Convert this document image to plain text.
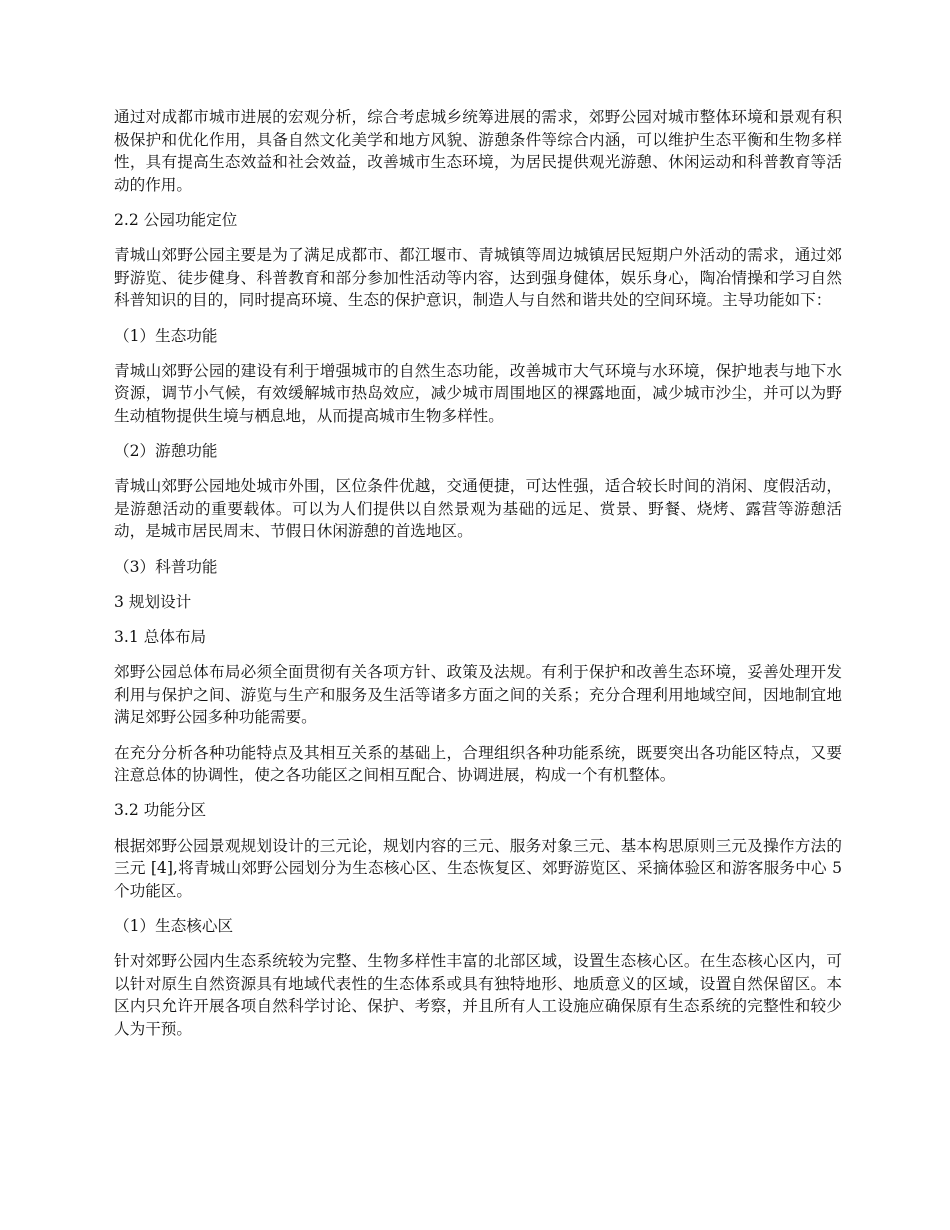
通过对成都市城市进展的宏观分析，综合考虑城乡统筹进展的需求，郊野公园对城市整体环境和景观有积极保护和优化作用，具备自然文化美学和地方风貌、游憩条件等综合内涵，可以维护生态平衡和生物多样性，具有提高生态效益和社会效益，改善城市生态环境，为居民提供观光游憩、休闲运动和科普教育等活动的作用。

2.2 公园功能定位

青城山郊野公园主要是为了满足成都市、都江堰市、青城镇等周边城镇居民短期户外活动的需求，通过郊野游览、徒步健身、科普教育和部分参加性活动等内容，达到强身健体，娱乐身心，陶冶情操和学习自然科普知识的目的，同时提高环境、生态的保护意识，制造人与自然和谐共处的空间环境。主导功能如下：

（1）生态功能

青城山郊野公园的建设有利于增强城市的自然生态功能，改善城市大气环境与水环境，保护地表与地下水资源，调节小气候，有效缓解城市热岛效应，减少城市周围地区的裸露地面，减少城市沙尘，并可以为野生动植物提供生境与栖息地，从而提高城市生物多样性。

（2）游憩功能

青城山郊野公园地处城市外围，区位条件优越，交通便捷，可达性强，适合较长时间的消闲、度假活动，是游憩活动的重要载体。可以为人们提供以自然景观为基础的远足、赏景、野餐、烧烤、露营等游憩活动，是城市居民周末、节假日休闲游憩的首选地区。

（3）科普功能

3 规划设计

3.1 总体布局

郊野公园总体布局必须全面贯彻有关各项方针、政策及法规。有利于保护和改善生态环境，妥善处理开发利用与保护之间、游览与生产和服务及生活等诸多方面之间的关系；充分合理利用地域空间，因地制宜地满足郊野公园多种功能需要。

在充分分析各种功能特点及其相互关系的基础上，合理组织各种功能系统，既要突出各功能区特点，又要注意总体的协调性，使之各功能区之间相互配合、协调进展，构成一个有机整体。

3.2 功能分区

根据郊野公园景观规划设计的三元论，规划内容的三元、服务对象三元、基本构思原则三元及操作方法的三元 [4],将青城山郊野公园划分为生态核心区、生态恢复区、郊野游览区、采摘体验区和游客服务中心 5 个功能区。

（1）生态核心区

针对郊野公园内生态系统较为完整、生物多样性丰富的北部区域，设置生态核心区。在生态核心区内，可以针对原生自然资源具有地域代表性的生态体系或具有独特地形、地质意义的区域，设置自然保留区。本区内只允许开展各项自然科学讨论、保护、考察，并且所有人工设施应确保原有生态系统的完整性和较少人为干预。
